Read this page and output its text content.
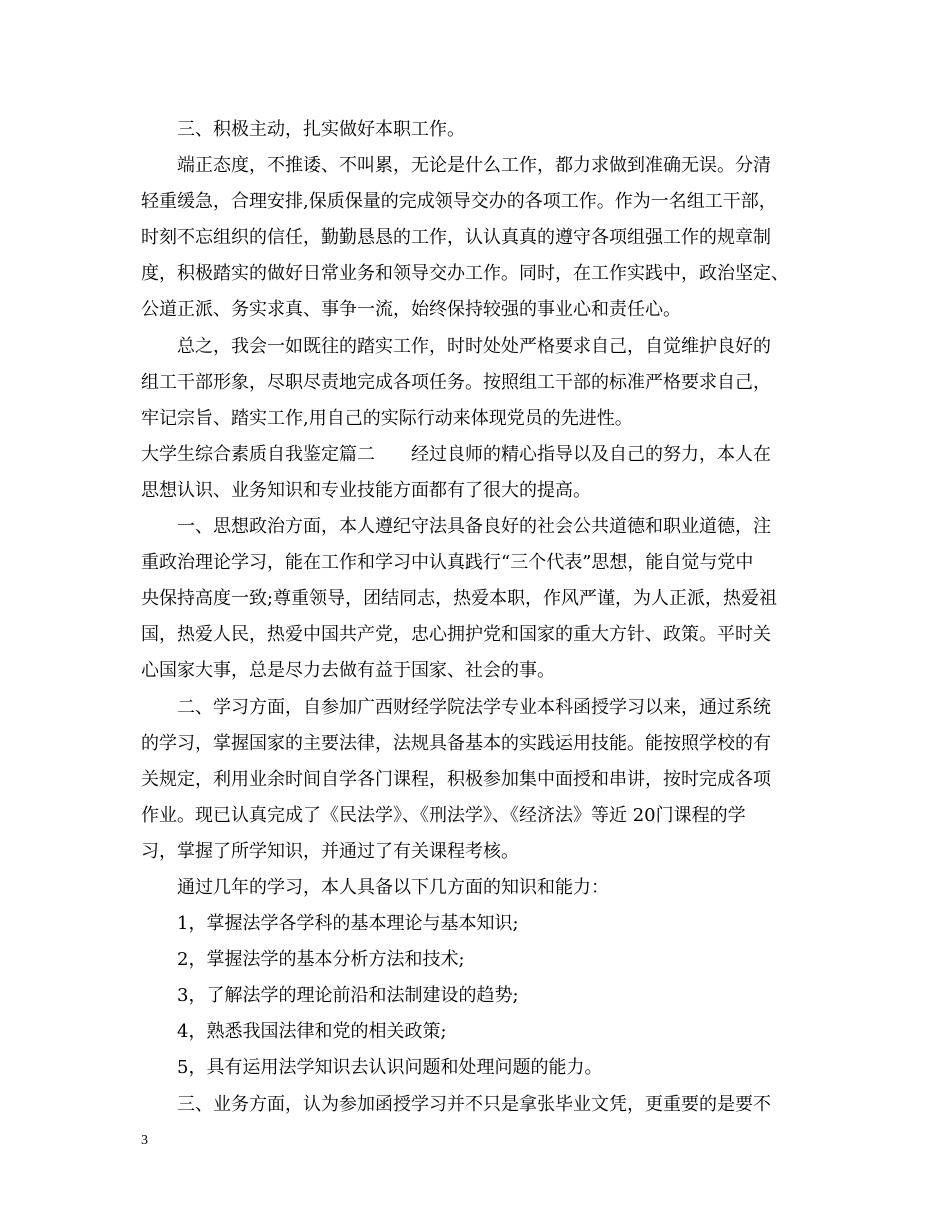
三、积极主动，扎实做好本职工作。
端正态度，不推诿、不叫累，无论是什么工作，都力求做到准确无误。分清
轻重缓急，合理安排,保质保量的完成领导交办的各项工作。作为一名组工干部，
时刻不忘组织的信任，勤勤恳恳的工作，认认真真的遵守各项组强工作的规章制
度，积极踏实的做好日常业务和领导交办工作。同时，在工作实践中，政治坚定、
公道正派、务实求真、事争一流，始终保持较强的事业心和责任心。
总之，我会一如既往的踏实工作，时时处处严格要求自己，自觉维护良好的
组工干部形象，尽职尽责地完成各项任务。按照组工干部的标准严格要求自己，
牢记宗旨、踏实工作,用自己的实际行动来体现党员的先进性。
大学生综合素质自我鉴定篇二　　经过良师的精心指导以及自己的努力，本人在
思想认识、业务知识和专业技能方面都有了很大的提高。
一、思想政治方面，本人遵纪守法具备良好的社会公共道德和职业道德，注
重政治理论学习，能在工作和学习中认真践行“三个代表”思想，能自觉与党中
央保持高度一致;尊重领导，团结同志，热爱本职，作风严谨，为人正派，热爱祖
国，热爱人民，热爱中国共产党，忠心拥护党和国家的重大方针、政策。平时关
心国家大事，总是尽力去做有益于国家、社会的事。
二、学习方面，自参加广西财经学院法学专业本科函授学习以来，通过系统
的学习，掌握国家的主要法律，法规具备基本的实践运用技能。能按照学校的有
关规定，利用业余时间自学各门课程，积极参加集中面授和串讲，按时完成各项
作业。现已认真完成了《民法学》、《刑法学》、《经济法》等近 20门课程的学
习，掌握了所学知识，并通过了有关课程考核。
通过几年的学习，本人具备以下几方面的知识和能力：
1，掌握法学各学科的基本理论与基本知识;
2，掌握法学的基本分析方法和技术;
3，了解法学的理论前沿和法制建设的趋势;
4，熟悉我国法律和党的相关政策;
5，具有运用法学知识去认识问题和处理问题的能力。
三、业务方面，认为参加函授学习并不只是拿张毕业文凭，更重要的是要不
3
